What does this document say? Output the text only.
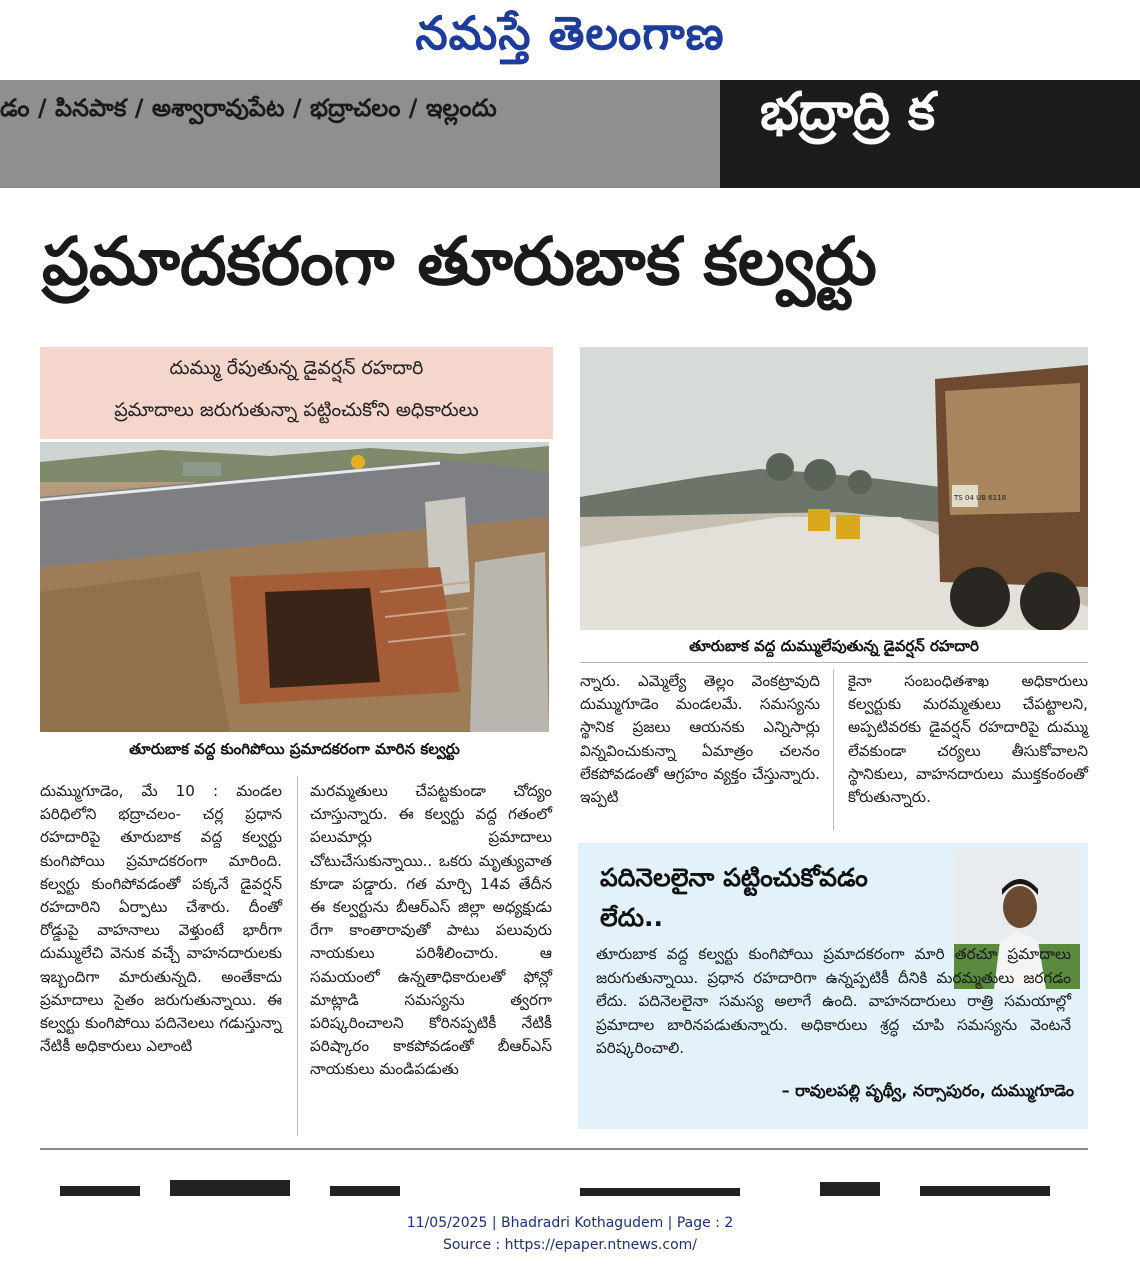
నమస్తే తెలంగాణ
డం / పినపాక / అశ్వారావుపేట / భద్రాచలం / ఇల్లందు	భద్రాద్రి క
ప్రమాదకరంగా తూరుబాక కల్వర్టు
దుమ్ము రేపుతున్న డైవర్షన్ రహదారి
ప్రమాదాలు జరుగుతున్నా పట్టించుకోని అధికారులు
తూరుబాక వద్ద కుంగిపోయి ప్రమాదకరంగా మారిన కల్వర్టు
TS 04 UB 6118
తూరుబాక వద్ద దుమ్ములేపుతున్న డైవర్షన్ రహదారి

దుమ్ముగూడెం, మే 10 : మండల పరిధిలోని భద్రాచలం- చర్ల ప్రధాన రహదారిపై తూరుబాక వద్ద కల్వర్టు కుంగిపోయి ప్రమాదకరంగా మారింది. కల్వర్టు కుంగిపోవడంతో పక్కనే డైవర్షన్ రహదారిని ఏర్పాటు చేశారు. దీంతో రోడ్డుపై వాహనాలు వెళ్తుంటే భారీగా దుమ్ములేచి వెనుక వచ్చే వాహనదారులకు ఇబ్బందిగా మారుతున్నది. అంతేకాదు ప్రమాదాలు సైతం జరుగుతున్నాయి. ఈ కల్వర్టు కుంగిపోయి పదినెలలు గడుస్తున్నా నేటికీ అధికారులు ఎలాంటి

మరమ్మతులు చేపట్టకుండా చోద్యం చూస్తున్నారు. ఈ కల్వర్టు వద్ద గతంలో పలుమార్లు ప్రమాదాలు చోటుచేసుకున్నాయి.. ఒకరు మృత్యువాత కూడా పడ్డారు. గత మార్చి 14వ తేదీన ఈ కల్వర్టును బీఆర్ఎస్ జిల్లా అధ్యక్షుడు రేగా కాంతారావుతో పాటు పలువురు నాయకులు పరిశీలించారు. ఆ సమయంలో ఉన్నతాధికారులతో ఫోన్లో మాట్లాడి సమస్యను త్వరగా పరిష్కరించాలని కోరినప్పటికీ నేటికీ పరిష్కారం కాకపోవడంతో బీఆర్ఎస్ నాయకులు మండిపడుతు

న్నారు. ఎమ్మెల్యే తెల్లం వెంకట్రావుది దుమ్ముగూడెం మండలమే. సమస్యను స్థానిక ప్రజలు ఆయనకు ఎన్నిసార్లు విన్నవించుకున్నా ఏమాత్రం చలనం లేకపోవడంతో ఆగ్రహం వ్యక్తం చేస్తున్నారు. ఇప్పటి

కైనా సంబంధితశాఖ అధికారులు కల్వర్టుకు మరమ్మతులు చేపట్టాలని, అప్పటివరకు డైవర్షన్ రహదారిపై దుమ్ము లేవకుండా చర్యలు తీసుకోవాలని స్థానికులు, వాహనదారులు ముక్తకంఠంతో కోరుతున్నారు.

పదినెలలైనా పట్టించుకోవడం
లేదు..
తూరుబాక వద్ద కల్వర్టు కుంగిపోయి ప్రమాదకరంగా మారి తరచూ ప్రమాదాలు జరుగుతున్నాయి. ప్రధాన రహదారిగా ఉన్నప్పటికీ దీనికి మరమ్మతులు జరగడం లేదు. పదినెలలైనా సమస్య అలాగే ఉంది. వాహనదారులు రాత్రి సమయాల్లో ప్రమాదాల బారినపడుతున్నారు. అధికారులు శ్రద్ధ చూపి సమస్యను వెంటనే పరిష్కరించాలి.
– రావులపల్లి పృథ్వీ, నర్సాపురం, దుమ్ముగూడెం
11/05/2025 | Bhadradri Kothagudem | Page : 2
Source : https://epaper.ntnews.com/
